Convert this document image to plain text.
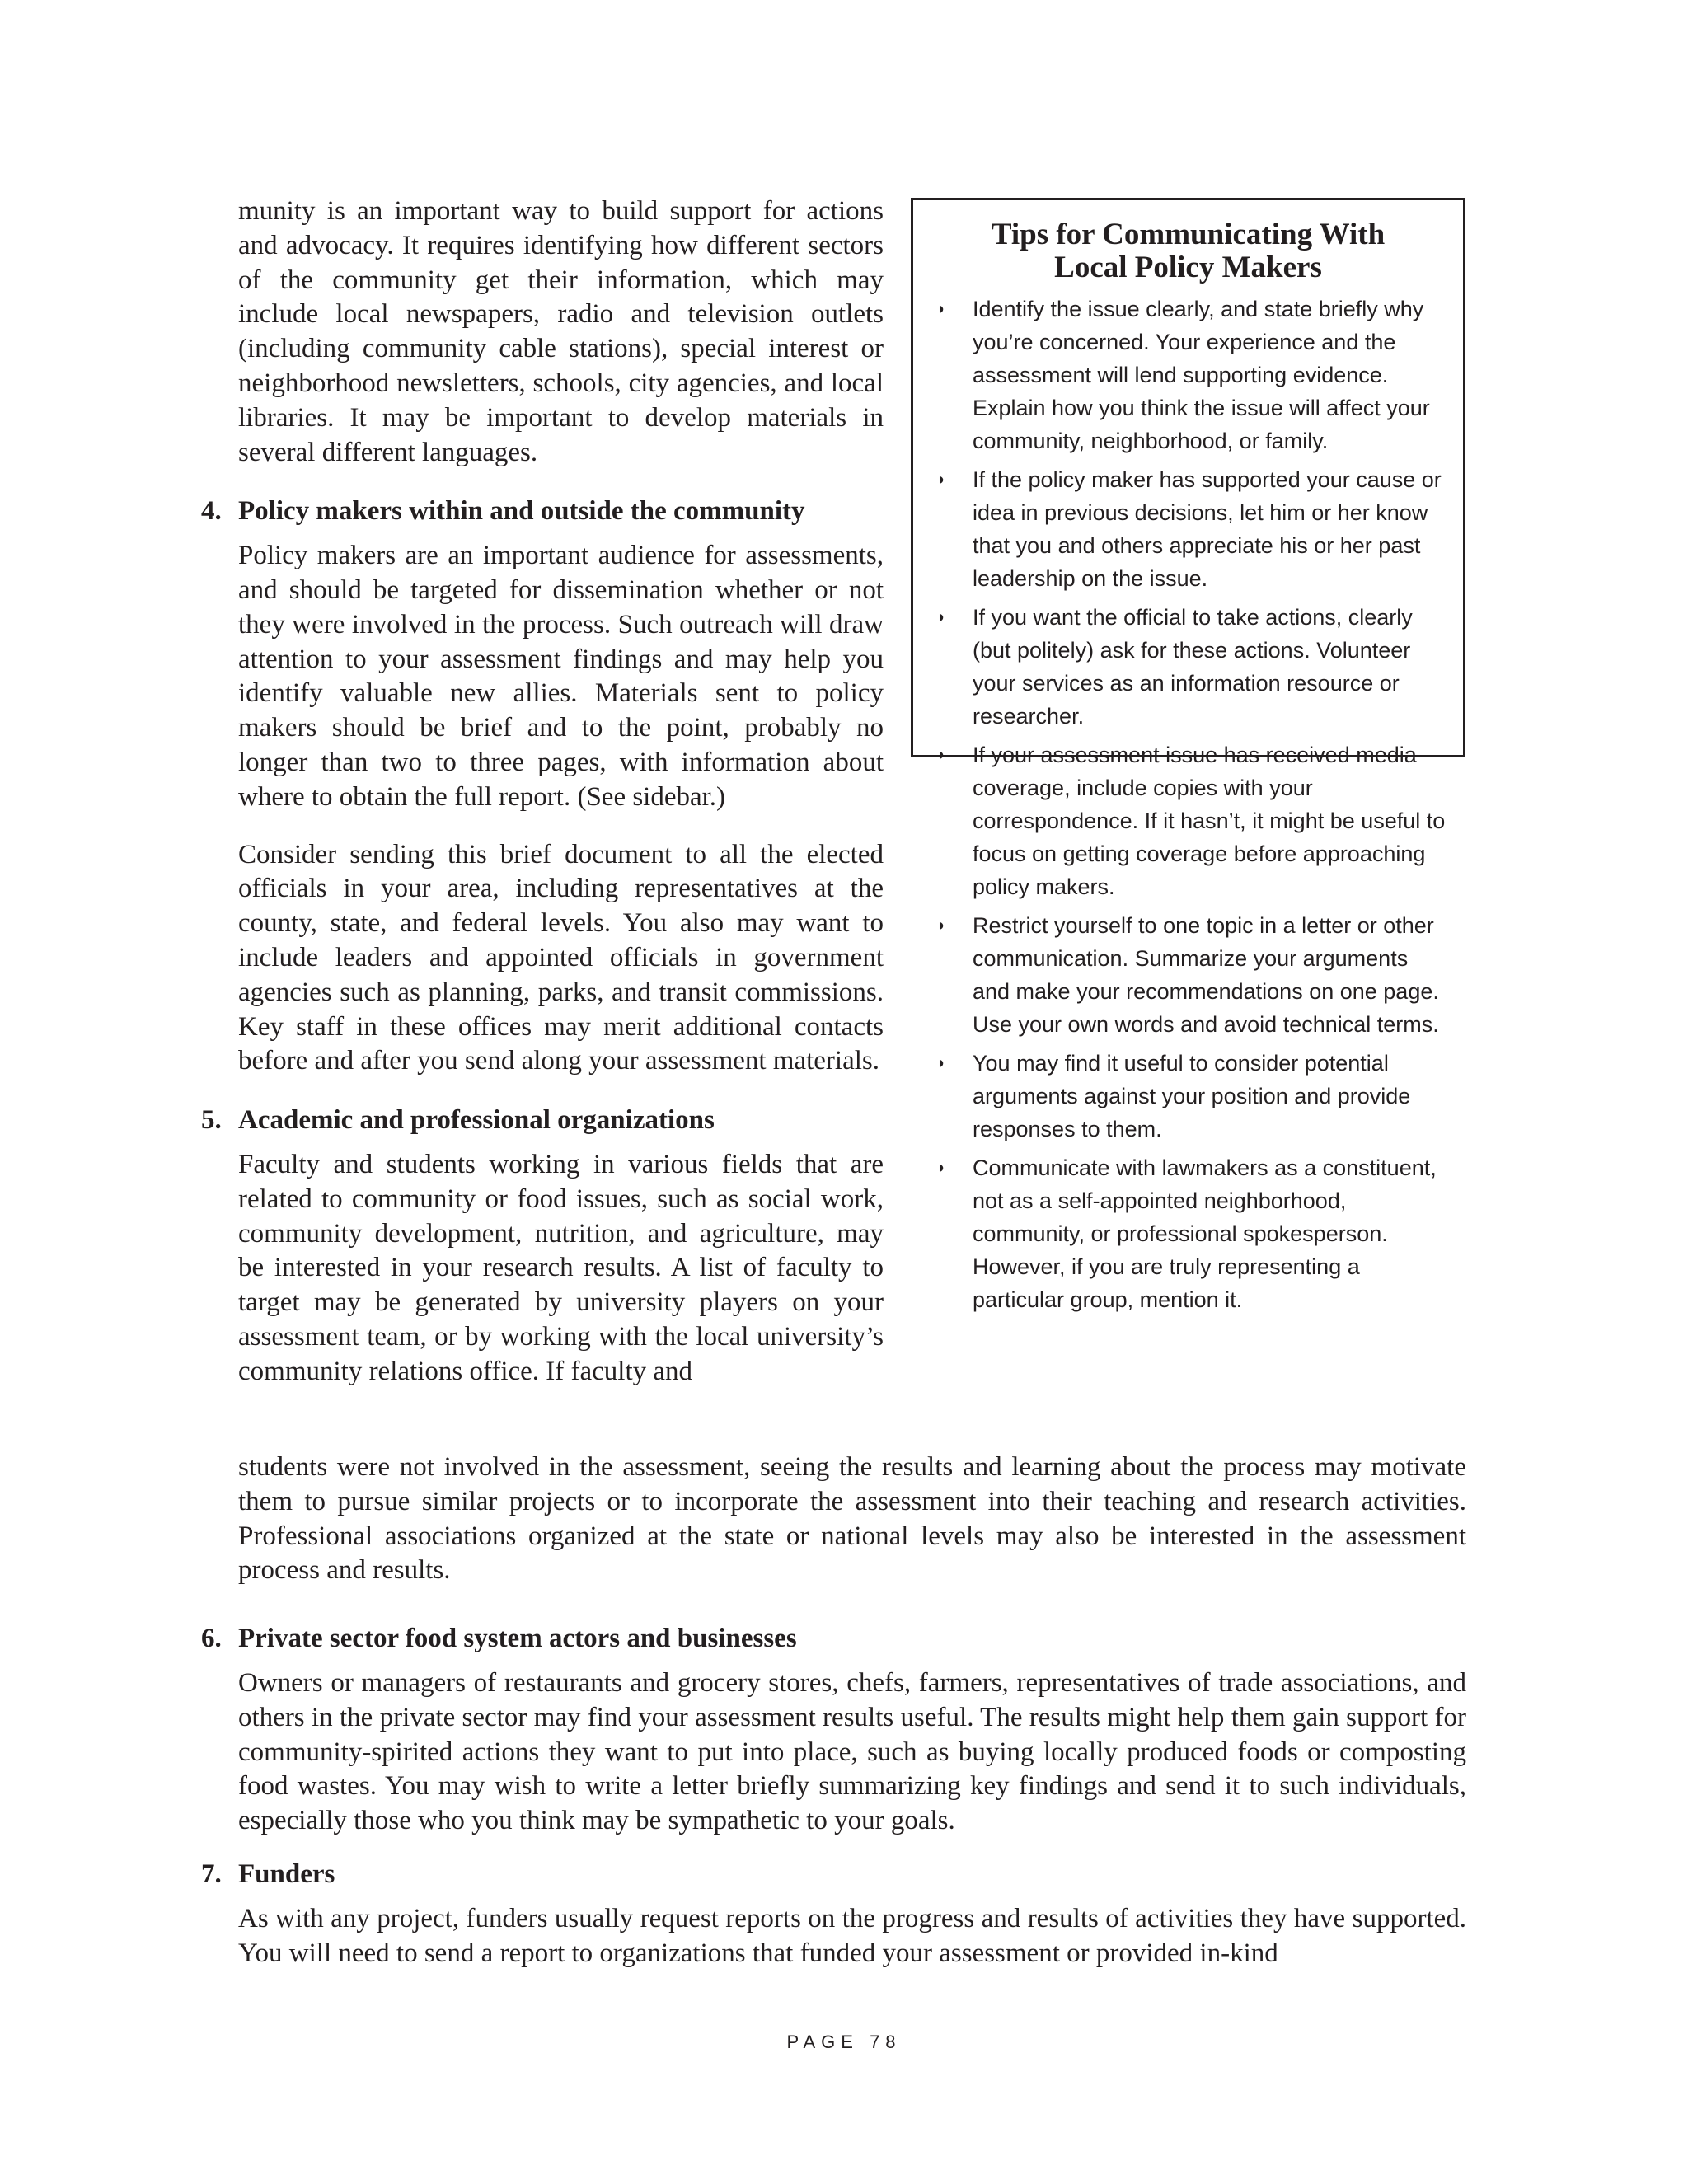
munity is an important way to build support for actions and advocacy. It requires identifying how different sectors of the community get their information, which may include local newspapers, radio and television outlets (including community cable stations), special interest or neighborhood newsletters, schools, city agencies, and local libraries. It may be important to develop materials in several different languages.

4. Policy makers within and outside the community

Policy makers are an important audience for assessments, and should be targeted for dissemination whether or not they were involved in the process. Such outreach will draw attention to your assessment findings and may help you identify valuable new allies. Materials sent to policy makers should be brief and to the point, probably no longer than two to three pages, with information about where to obtain the full report. (See sidebar.)

Consider sending this brief document to all the elected officials in your area, including representatives at the county, state, and federal levels. You also may want to include leaders and appointed officials in government agencies such as planning, parks, and transit commissions. Key staff in these offices may merit additional contacts before and after you send along your assessment materials.

5. Academic and professional organizations

Faculty and students working in various fields that are related to community or food issues, such as social work, community development, nutrition, and agriculture, may be interested in your research results. A list of faculty to target may be generated by university players on your assessment team, or by working with the local university’s community relations office. If faculty and

Tips for Communicating With
Local Policy Makers
◗ Identify the issue clearly, and state briefly why you’re concerned. Your experience and the assessment will lend supporting evidence. Explain how you think the issue will affect your community, neighborhood, or family.
◗ If the policy maker has supported your cause or idea in previous decisions, let him or her know that you and others appreciate his or her past leadership on the issue.
◗ If you want the official to take actions, clearly (but politely) ask for these actions. Volunteer your services as an information resource or researcher.
◗ If your assessment issue has received media coverage, include copies with your correspondence. If it hasn’t, it might be useful to focus on getting coverage before approaching policy makers.
◗ Restrict yourself to one topic in a letter or other communication. Summarize your arguments and make your recommendations on one page. Use your own words and avoid technical terms.
◗ You may find it useful to consider potential arguments against your position and provide responses to them.
◗ Communicate with lawmakers as a constituent, not as a self-appointed neighborhood, community, or professional spokesperson. However, if you are truly representing a particular group, mention it.

students were not involved in the assessment, seeing the results and learning about the process may motivate them to pursue similar projects or to incorporate the assessment into their teaching and research activities. Professional associations organized at the state or national levels may also be interested in the assessment process and results.

6. Private sector food system actors and businesses

Owners or managers of restaurants and grocery stores, chefs, farmers, representatives of trade associations, and others in the private sector may find your assessment results useful. The results might help them gain support for community-spirited actions they want to put into place, such as buying locally produced foods or composting food wastes. You may wish to write a letter briefly summarizing key findings and send it to such individuals, especially those who you think may be sympathetic to your goals.

7. Funders

As with any project, funders usually request reports on the progress and results of activities they have supported. You will need to send a report to organizations that funded your assessment or provided in-kind

PAGE 78
